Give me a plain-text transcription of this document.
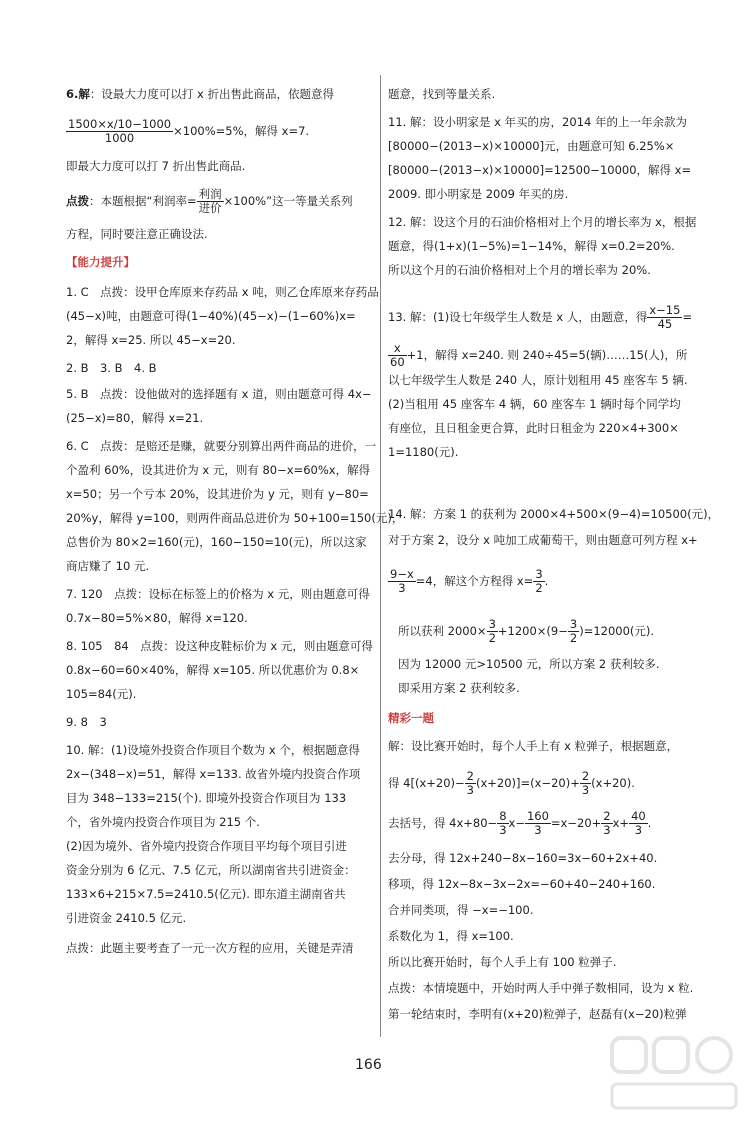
6.解：设最大力度可以打 x 折出售此商品，依题意得
$\frac{1500\times x/10-1000}{1000} \times 100\%=5\%$，解得 x=7.
即最大力度可以打 7 折出售此商品.
点拨：本题根据“利润率= $\frac{\text{利润}}{\text{进价}} \times 100\%$”这一等量关系列
方程，同时要注意正确设法.
【能力提升】
1. C　点拨：设甲仓库原来存药品 x 吨，则乙仓库原来存药品
(45−x)吨，由题意可得(1−40%)(45−x)−(1−60%)x=
2，解得 x=25. 所以 45−x=20.
2. B　3. B　4. B
5. B　点拨：设他做对的选择题有 x 道，则由题意可得 4x−
(25−x)=80，解得 x=21.
6. C　点拨：是赔还是赚，就要分别算出两件商品的进价，一
个盈利 60%，设其进价为 x 元，则有 80−x=60%x，解得
x=50；另一个亏本 20%，设其进价为 y 元，则有 y−80=
20%y，解得 y=100，则两件商品总进价为 50+100=150(元)，
总售价为 80×2=160(元)，160−150=10(元)，所以这家
商店赚了 10 元.
7. 120　点拨：设标在标签上的价格为 x 元，则由题意可得
0.7x−80=5%×80，解得 x=120.
8. 105　84　点拨：设这种皮鞋标价为 x 元，则由题意可得
0.8x−60=60×40%，解得 x=105. 所以优惠价为 0.8×
105=84(元).
9. 8　3
10. 解：(1)设境外投资合作项目个数为 x 个，根据题意得
2x−(348−x)=51，解得 x=133. 故省外境内投资合作项
目为 348−133=215(个). 即境外投资合作项目为 133
个，省外境内投资合作项目为 215 个.
(2)因为境外、省外境内投资合作项目平均每个项目引进
资金分别为 6 亿元、7.5 亿元，所以湖南省共引进资金：
133×6+215×7.5=2410.5(亿元). 即东道主湖南省共
引进资金 2410.5 亿元.
点拨：此题主要考查了一元一次方程的应用，关键是弄清
题意，找到等量关系.
11. 解：设小明家是 x 年买的房，2014 年的上一年余款为
[80000−(2013−x)×10000]元，由题意可知 6.25%×
[80000−(2013−x)×10000]=12500−10000，解得 x=
2009. 即小明家是 2009 年买的房.
12. 解：设这个月的石油价格相对上个月的增长率为 x，根据
题意，得(1+x)(1−5%)=1−14%，解得 x=0.2=20%.
所以这个月的石油价格相对上个月的增长率为 20%.
13. 解：(1)设七年级学生人数是 x 人，由题意，得 $\frac{x-15}{45}$ =
$\frac{x}{60} +1$，解得 x=240. 则 240÷45=5(辆)……15(人)，所
以七年级学生人数是 240 人，原计划租用 45 座客车 5 辆.
(2)当租用 45 座客车 4 辆，60 座客车 1 辆时每个同学均
有座位，且日租金更合算，此时日租金为 220×4+300×
1=1180(元).
14. 解：方案 1 的获利为 2000×4+500×(9−4)=10500(元)，
对于方案 2，设分 x 吨加工成葡萄干，则由题意可列方程 x+
$\frac{9-x}{3} =4$，解这个方程得 $x= \frac{3}{2}$ .
所以获利 $2000\times \frac{3}{2} +1200\times(9- \frac{3}{2} )=12000$(元).
因为 12000 元>10500 元，所以方案 2 获利较多.
即采用方案 2 获利较多.
精彩一题
解：设比赛开始时，每个人手上有 x 粒弹子，根据题意，
得 $4[(x+20)- \frac{2}{3} (x+20)]=(x-20)+ \frac{2}{3} (x+20)$.
去括号，得 $4x+80- \frac{8}{3} x- \frac{160}{3} =x-20+ \frac{2}{3} x+ \frac{40}{3}$ .
去分母，得 12x+240−8x−160=3x−60+2x+40.
移项，得 12x−8x−3x−2x=−60+40−240+160.
合并同类项，得 −x=−100.
系数化为 1，得 x=100.
所以比赛开始时，每个人手上有 100 粒弹子.
点拨：本情境题中，开始时两人手中弹子数相同，设为 x 粒.
第一轮结束时，李明有(x+20)粒弹子，赵磊有(x−20)粒弹
166
